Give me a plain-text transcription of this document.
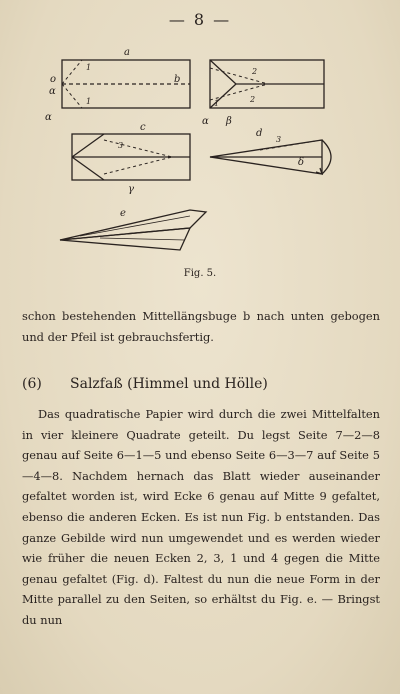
— 8 —
a
b
o
α
α
1
1
2
1	2
β
α
c
3
γ
d
3
δ
e
Fig. 5.
schon bestehenden Mittellängsbuge b nach unten gebogen und der Pfeil ist gebrauchsfertig.
(6) Salzfaß (Himmel und Hölle)
Das quadratische Papier wird durch die zwei Mittelfalten in vier kleinere Quadrate geteilt. Du legst Seite 7—2—8 genau auf Seite 6—1—5 und ebenso Seite 6—3—7 auf Seite 5—4—8. Nachdem hernach das Blatt wieder auseinander gefaltet worden ist, wird Ecke 6 genau auf Mitte 9 gefaltet, ebenso die anderen Ecken. Es ist nun Fig. b entstanden. Das ganze Gebilde wird nun umgewendet und es werden wieder wie früher die neuen Ecken 2, 3, 1 und 4 gegen die Mitte genau gefaltet (Fig. d). Faltest du nun die neue Form in der Mitte parallel zu den Seiten, so erhältst du Fig. e. — Bringst du nun
